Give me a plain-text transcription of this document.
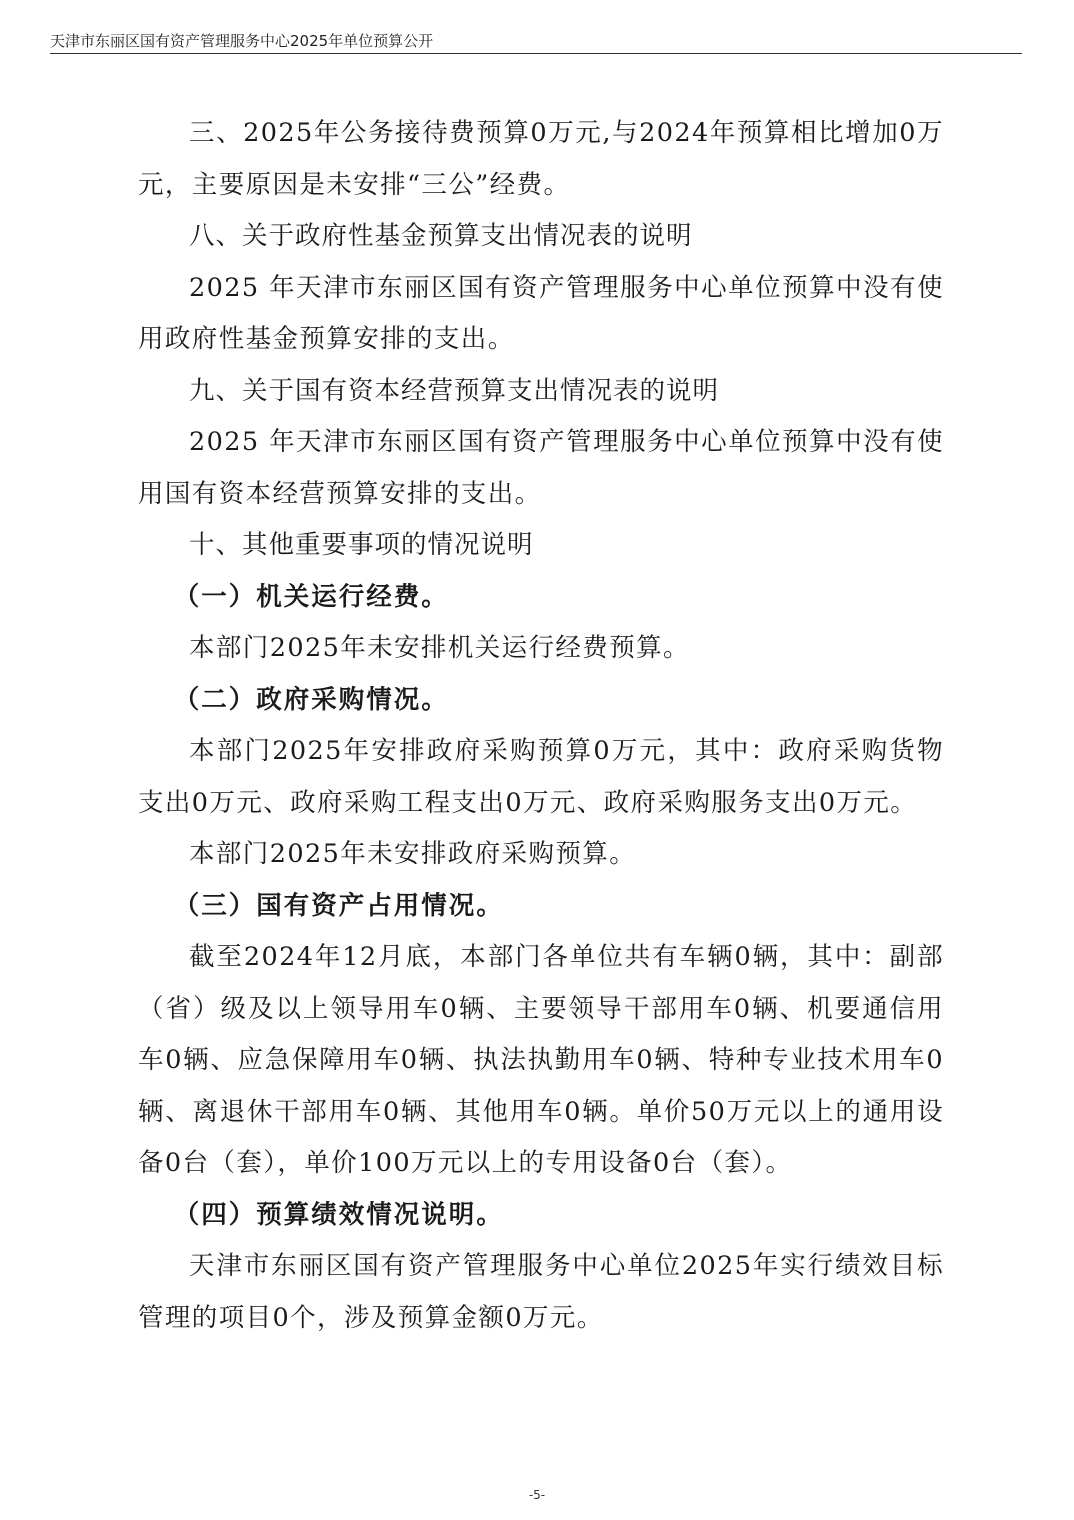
天津市东丽区国有资产管理服务中心2025年单位预算公开

三、2025年公务接待费预算0万元,与2024年预算相比增加0万元，主要原因是未安排“三公”经费。

八、关于政府性基金预算支出情况表的说明

2025 年天津市东丽区国有资产管理服务中心单位预算中没有使用政府性基金预算安排的支出。

九、关于国有资本经营预算支出情况表的说明

2025 年天津市东丽区国有资产管理服务中心单位预算中没有使用国有资本经营预算安排的支出。

十、其他重要事项的情况说明

（一）机关运行经费。

本部门2025年未安排机关运行经费预算。

（二）政府采购情况。

本部门2025年安排政府采购预算0万元，其中：政府采购货物支出0万元、政府采购工程支出0万元、政府采购服务支出0万元。

本部门2025年未安排政府采购预算。

（三）国有资产占用情况。

截至2024年12月底，本部门各单位共有车辆0辆，其中：副部（省）级及以上领导用车0辆、主要领导干部用车0辆、机要通信用车0辆、应急保障用车0辆、执法执勤用车0辆、特种专业技术用车0辆、离退休干部用车0辆、其他用车0辆。单价50万元以上的通用设备0台（套），单价100万元以上的专用设备0台（套）。

（四）预算绩效情况说明。

天津市东丽区国有资产管理服务中心单位2025年实行绩效目标管理的项目0个，涉及预算金额0万元。

-5-
